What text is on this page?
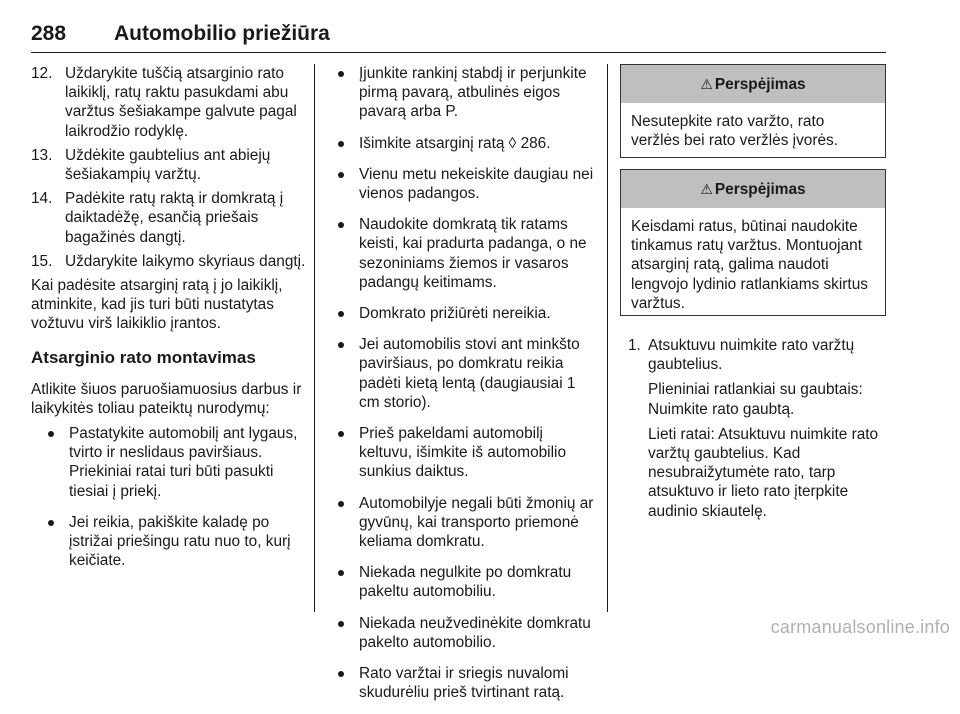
288 Automobilio priežiūra
12. Uždarykite tuščią atsarginio rato laikiklį, ratų raktu pasukdami abu varžtus šešiakampe galvute pagal laikrodžio rodyklę.
13. Uždėkite gaubtelius ant abiejų šešiakampių varžtų.
14. Padėkite ratų raktą ir domkratą į daiktadėžę, esančią priešais bagažinės dangtį.
15. Uždarykite laikymo skyriaus dangtį.

Kai padėsite atsarginį ratą į jo laikiklį, atminkite, kad jis turi būti nustatytas vožtuvu virš laikiklio įrantos.

Atsarginio rato montavimas

Atlikite šiuos paruošiamuosius darbus ir laikykitės toliau pateiktų nurodymų:

Pastatykite automobilį ant lygaus, tvirto ir neslidaus paviršiaus. Priekiniai ratai turi būti pasukti tiesiai į priekį.
Jei reikia, pakiškite kaladę po įstrižai priešingu ratu nuo to, kurį keičiate.
Įjunkite rankinį stabdį ir perjunkite pirmą pavarą, atbulinės eigos pavarą arba P.
Išimkite atsarginį ratą ◊ 286.
Vienu metu nekeiskite daugiau nei vienos padangos.
Naudokite domkratą tik ratams keisti, kai pradurta padanga, o ne sezoniniams žiemos ir vasaros padangų keitimams.
Domkrato prižiūrėti nereikia.
Jei automobilis stovi ant minkšto paviršiaus, po domkratu reikia padėti kietą lentą (daugiausiai 1 cm storio).
Prieš pakeldami automobilį keltuvu, išimkite iš automobilio sunkius daiktus.
Automobilyje negali būti žmonių ar gyvūnų, kai transporto priemonė keliama domkratu.
Niekada negulkite po domkratu pakeltu automobiliu.
Niekada neužvedinėkite domkratu pakelto automobilio.
Rato varžtai ir sriegis nuvalomi skudurėliu prieš tvirtinant ratą.
⚠ Perspėjimas
Nesutepkite rato varžto, rato veržlės bei rato veržlės įvorės.
⚠ Perspėjimas
Keisdami ratus, būtinai naudokite tinkamus ratų varžtus. Montuojant atsarginį ratą, galima naudoti lengvojo lydinio ratlankiams skirtus varžtus.
1. Atsuktuvu nuimkite rato varžtų gaubtelius.

Plieniniai ratlankiai su gaubtais: Nuimkite rato gaubtą.

Lieti ratai: Atsuktuvu nuimkite rato varžtų gaubtelius. Kad nesubraižytumėte rato, tarp atsuktuvo ir lieto rato įterpkite audinio skiautelę.

carmanualsonline.info
